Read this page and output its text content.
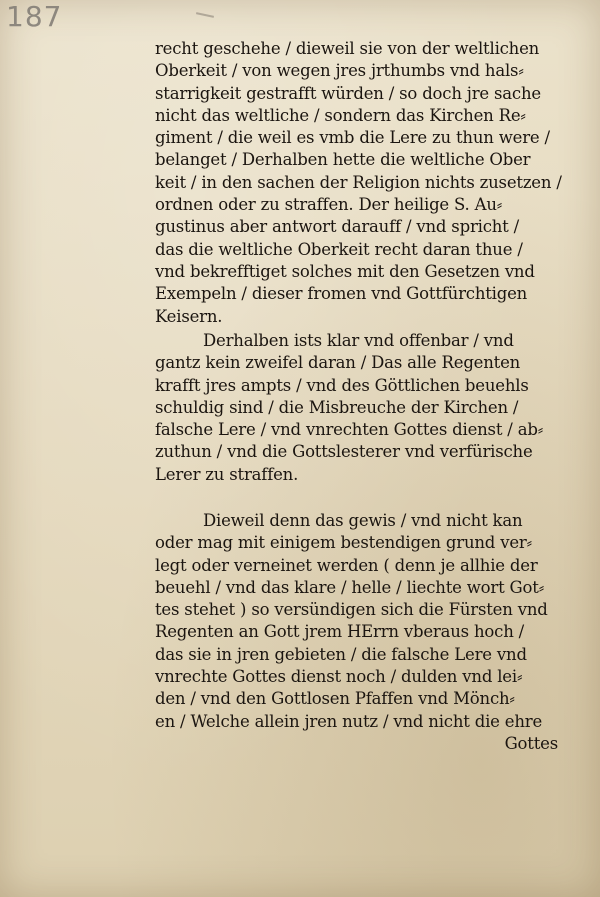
187
recht geschehe / dieweil sie von der weltlichen
Oberkeit / von wegen jres jrthumbs vnd hals⸗
starrigkeit gestrafft würden / so doch jre sache
nicht das weltliche / sondern das Kirchen Re⸗
giment / die weil es vmb die Lere zu thun were /
belanget / Derhalben hette die weltliche Ober
keit / in den sachen der Religion nichts zusetzen /
ordnen oder zu straffen. Der heilige S. Au⸗
gustinus aber antwort darauff / vnd spricht /
das die weltliche Oberkeit recht daran thue /
vnd bekrefftiget solches mit den Gesetzen vnd
Exempeln / dieser fromen vnd Gottfürchtigen
Keisern.
Derhalben ists klar vnd offenbar / vnd
gantz kein zweifel daran / Das alle Regenten
krafft jres ampts / vnd des Göttlichen beuehls
schuldig sind / die Misbreuche der Kirchen /
falsche Lere / vnd vnrechten Gottes dienst / ab⸗
zuthun / vnd die Gottslesterer vnd verfürische
Lerer zu straffen.
Dieweil denn das gewis / vnd nicht kan
oder mag mit einigem bestendigen grund ver⸗
legt oder verneinet werden ( denn je allhie der
beuehl / vnd das klare / helle / liechte wort Got⸗
tes stehet ) so versündigen sich die Fürsten vnd
Regenten an Gott jrem HErrn vberaus hoch /
das sie in jren gebieten / die falsche Lere vnd
vnrechte Gottes dienst noch / dulden vnd lei⸗
den / vnd den Gottlosen Pfaffen vnd Mönch⸗
en / Welche allein jren nutz / vnd nicht die ehre
Gottes
